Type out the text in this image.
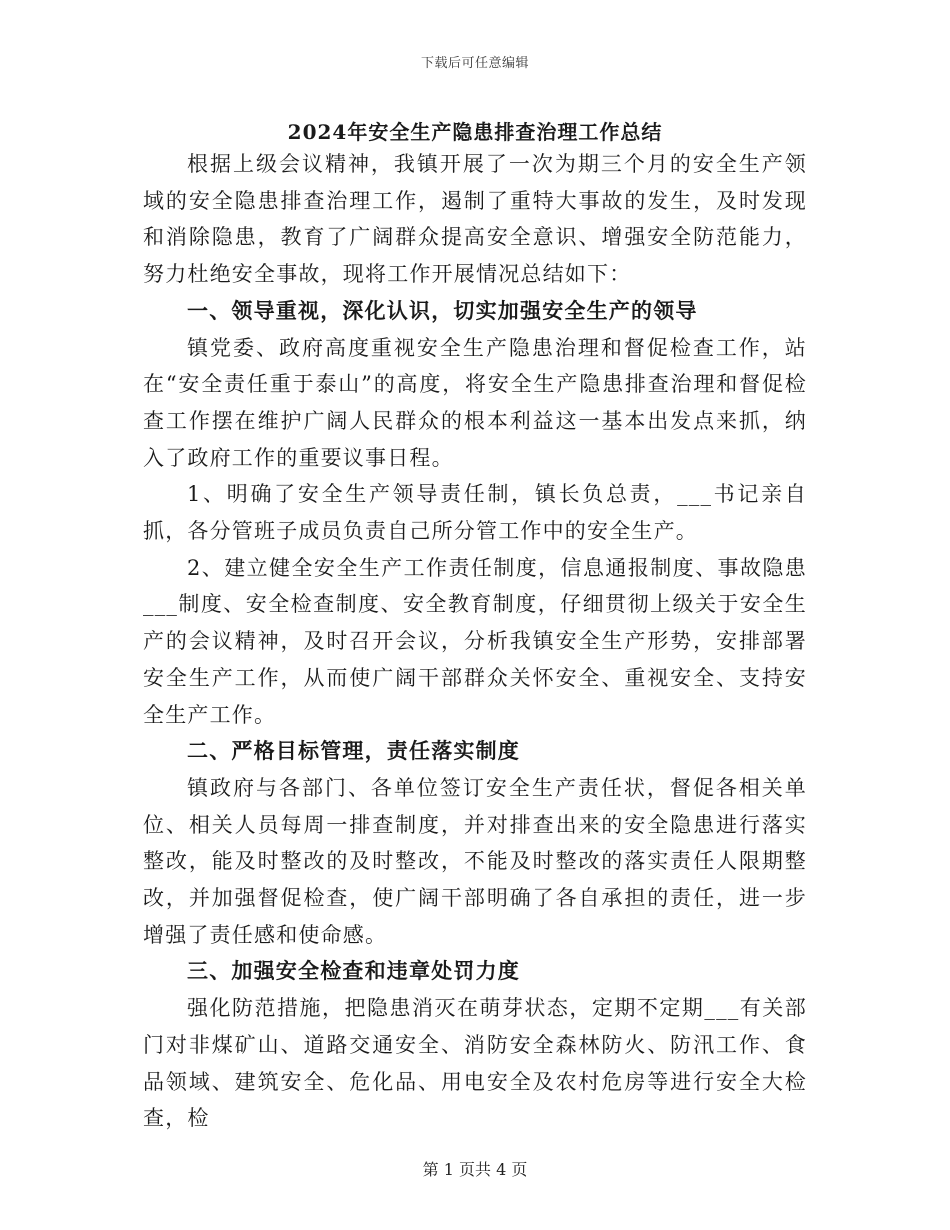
下载后可任意编辑
2024年安全生产隐患排查治理工作总结

根据上级会议精神，我镇开展了一次为期三个月的安全生产领域的安全隐患排查治理工作，遏制了重特大事故的发生，及时发现和消除隐患，教育了广阔群众提高安全意识、增强安全防范能力，努力杜绝安全事故，现将工作开展情况总结如下：

一、领导重视，深化认识，切实加强安全生产的领导

镇党委、政府高度重视安全生产隐患治理和督促检查工作，站在“安全责任重于泰山”的高度，将安全生产隐患排查治理和督促检查工作摆在维护广阔人民群众的根本利益这一基本出发点来抓，纳入了政府工作的重要议事日程。

1、明确了安全生产领导责任制，镇长负总责，___书记亲自抓，各分管班子成员负责自己所分管工作中的安全生产。

2、建立健全安全生产工作责任制度，信息通报制度、事故隐患___制度、安全检查制度、安全教育制度，仔细贯彻上级关于安全生产的会议精神，及时召开会议，分析我镇安全生产形势，安排部署安全生产工作，从而使广阔干部群众关怀安全、重视安全、支持安全生产工作。

二、严格目标管理，责任落实制度

镇政府与各部门、各单位签订安全生产责任状，督促各相关单位、相关人员每周一排查制度，并对排查出来的安全隐患进行落实整改，能及时整改的及时整改，不能及时整改的落实责任人限期整改，并加强督促检查，使广阔干部明确了各自承担的责任，进一步增强了责任感和使命感。

三、加强安全检查和违章处罚力度

强化防范措施，把隐患消灭在萌芽状态，定期不定期___有关部门对非煤矿山、道路交通安全、消防安全森林防火、防汛工作、食品领域、建筑安全、危化品、用电安全及农村危房等进行安全大检查，检

第 1 页共 4 页
